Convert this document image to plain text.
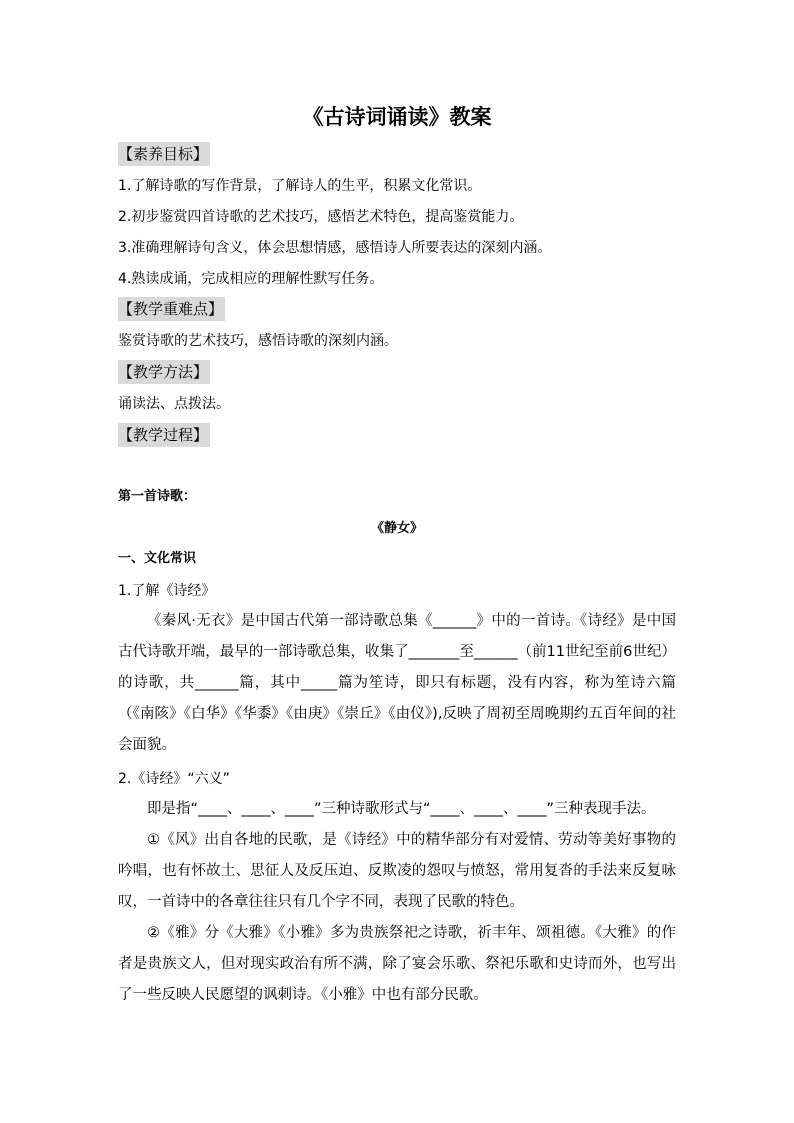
《古诗词诵读》教案
【素养目标】
1.了解诗歌的写作背景，了解诗人的生平，积累文化常识。
2.初步鉴赏四首诗歌的艺术技巧，感悟艺术特色，提高鉴赏能力。
3.准确理解诗句含义，体会思想情感，感悟诗人所要表达的深刻内涵。
4.熟读成诵，完成相应的理解性默写任务。
【教学重难点】
鉴赏诗歌的艺术技巧，感悟诗歌的深刻内涵。
【教学方法】
诵读法、点拨法。
【教学过程】
第一首诗歌：
《静女》
一、文化常识
1.了解《诗经》
《秦风·无衣》是中国古代第一部诗歌总集《______》中的一首诗。《诗经》是中国古代诗歌开端，最早的一部诗歌总集，收集了_______至______（前11世纪至前6世纪）的诗歌，共______篇，其中_____篇为笙诗，即只有标题，没有内容，称为笙诗六篇（《南陔》《白华》《华黍》《由庚》《崇丘》《由仪》),反映了周初至周晚期约五百年间的社会面貌。
2.《诗经》“六义”
即是指“____、____、____”三种诗歌形式与“____、____、____”三种表现手法。
①《风》出自各地的民歌，是《诗经》中的精华部分有对爱情、劳动等美好事物的吟唱，也有怀故土、思征人及反压迫、反欺凌的怨叹与愤怒，常用复沓的手法来反复咏叹，一首诗中的各章往往只有几个字不同，表现了民歌的特色。
②《雅》分《大雅》《小雅》多为贵族祭祀之诗歌，祈丰年、颂祖德。《大雅》的作者是贵族文人，但对现实政治有所不满，除了宴会乐歌、祭祀乐歌和史诗而外，也写出了一些反映人民愿望的讽刺诗。《小雅》中也有部分民歌。
